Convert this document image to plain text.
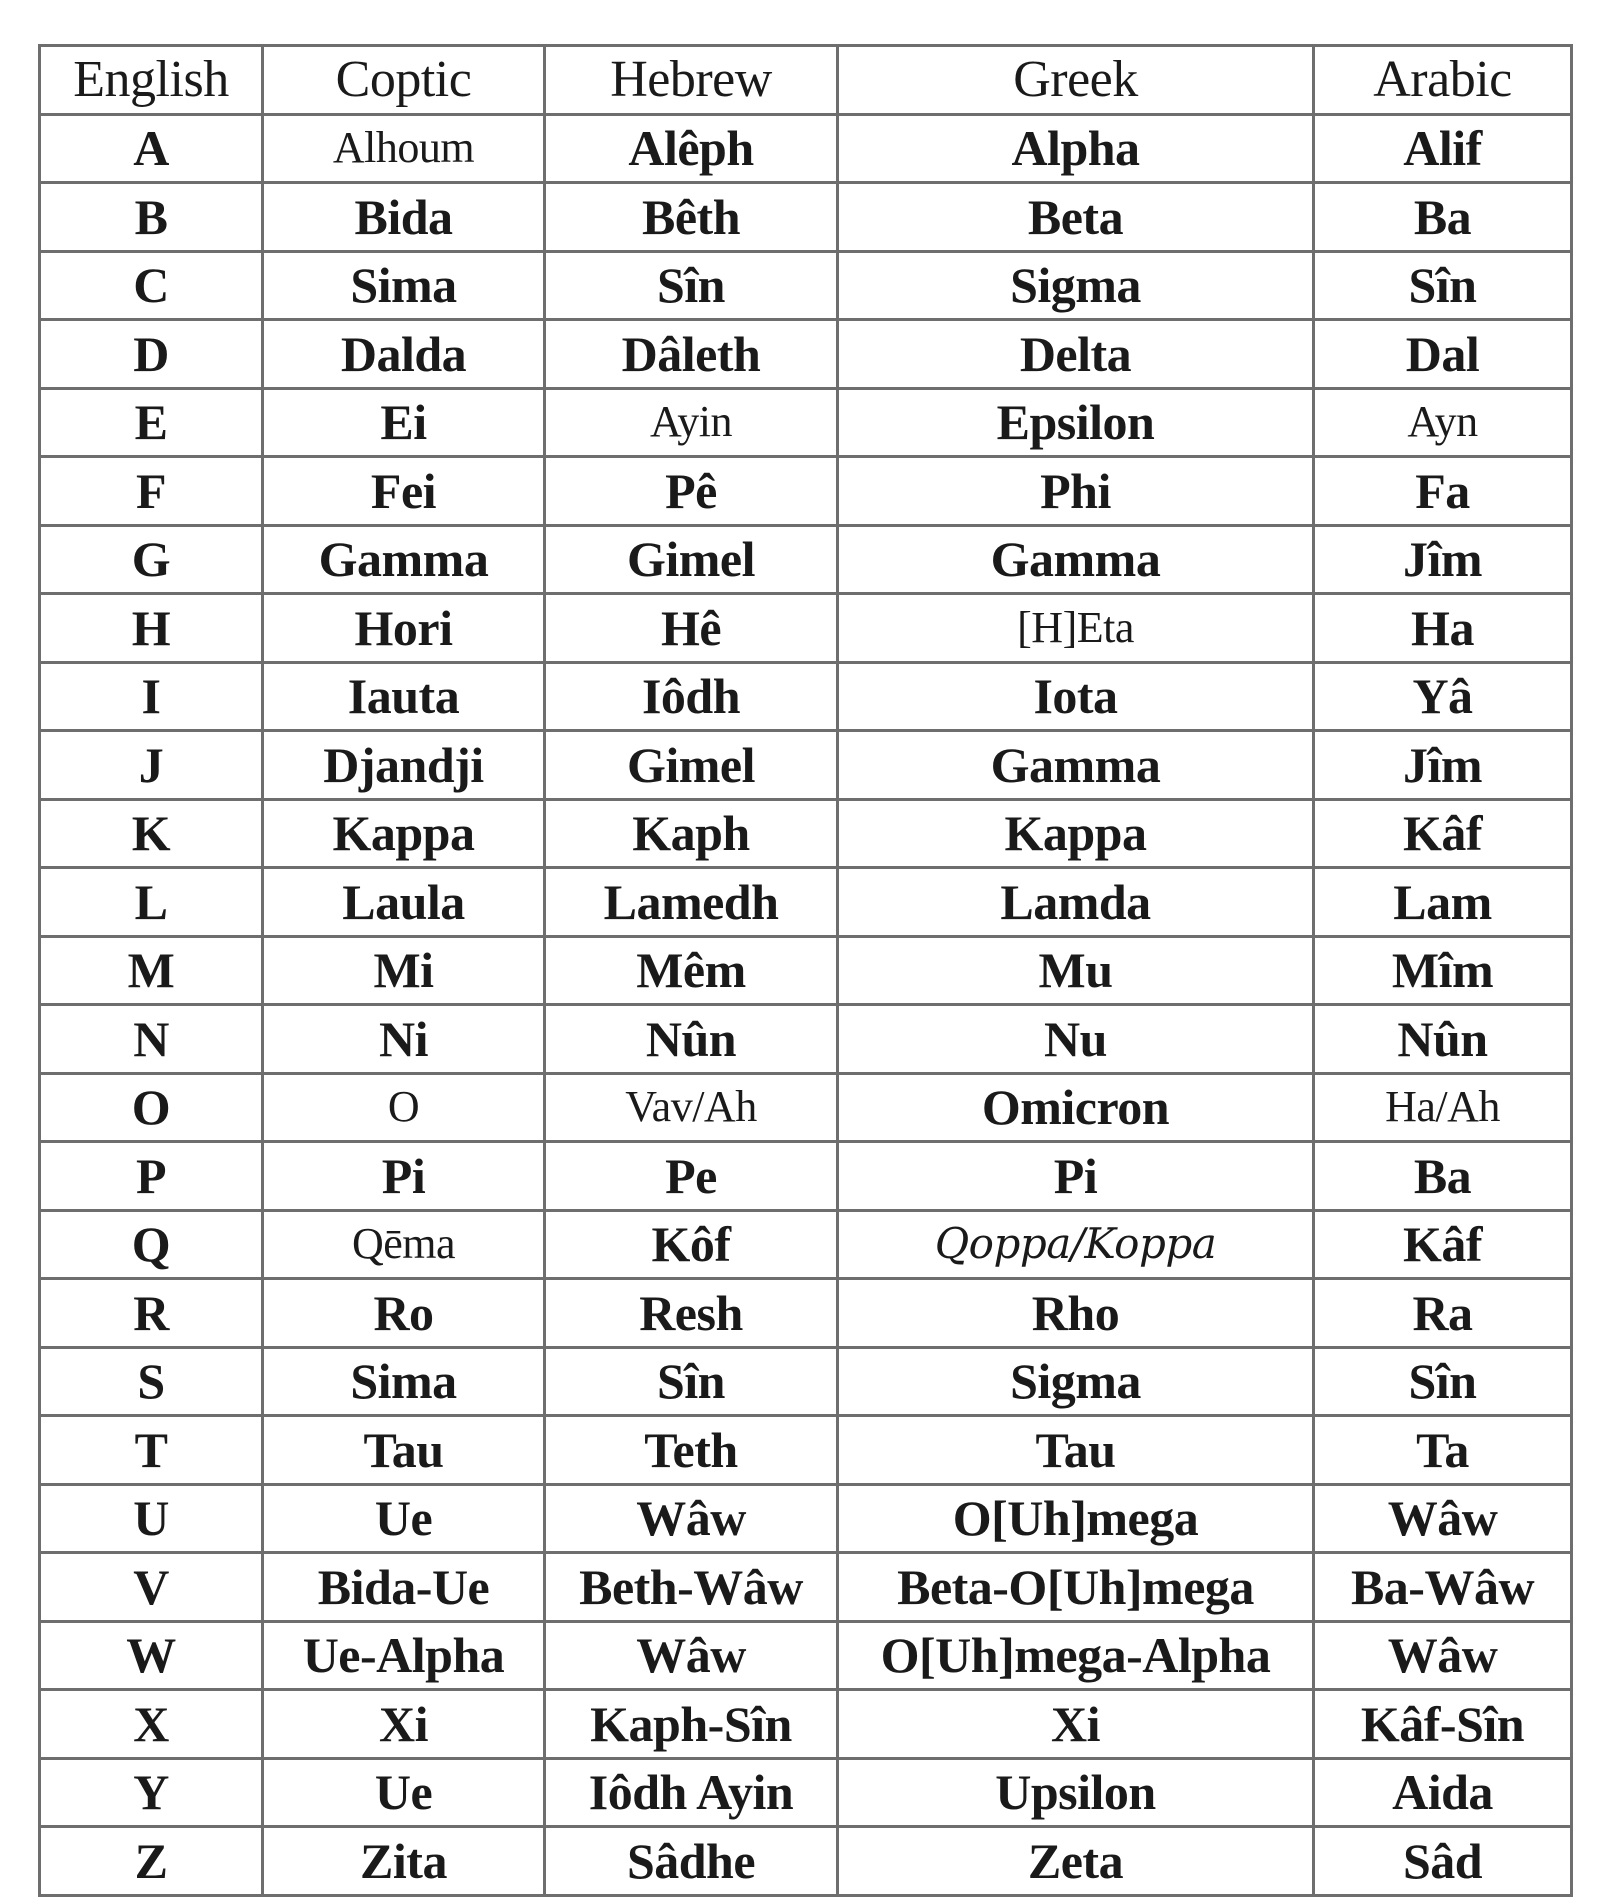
English	Coptic	Hebrew	Greek	Arabic
A	Alhoum	Alêph	Alpha	Alif
B	Bida	Bêth	Beta	Ba
C	Sima	Sîn	Sigma	Sîn
D	Dalda	Dâleth	Delta	Dal
E	Ei	Ayin	Epsilon	Ayn
F	Fei	Pê	Phi	Fa
G	Gamma	Gimel	Gamma	Jîm
H	Hori	Hê	[H]Eta	Ha
I	Iauta	Iôdh	Iota	Yâ
J	Djandji	Gimel	Gamma	Jîm
K	Kappa	Kaph	Kappa	Kâf
L	Laula	Lamedh	Lamda	Lam
M	Mi	Mêm	Mu	Mîm
N	Ni	Nûn	Nu	Nûn
O	O	Vav/Ah	Omicron	Ha/Ah
P	Pi	Pe	Pi	Ba
Q	Qēma	Kôf	Qoppa/Koppa	Kâf
R	Ro	Resh	Rho	Ra
S	Sima	Sîn	Sigma	Sîn
T	Tau	Teth	Tau	Ta
U	Ue	Wâw	O[Uh]mega	Wâw
V	Bida-Ue	Beth-Wâw	Beta-O[Uh]mega	Ba-Wâw
W	Ue-Alpha	Wâw	O[Uh]mega-Alpha	Wâw
X	Xi	Kaph-Sîn	Xi	Kâf-Sîn
Y	Ue	Iôdh Ayin	Upsilon	Aida
Z	Zita	Sâdhe	Zeta	Sâd
